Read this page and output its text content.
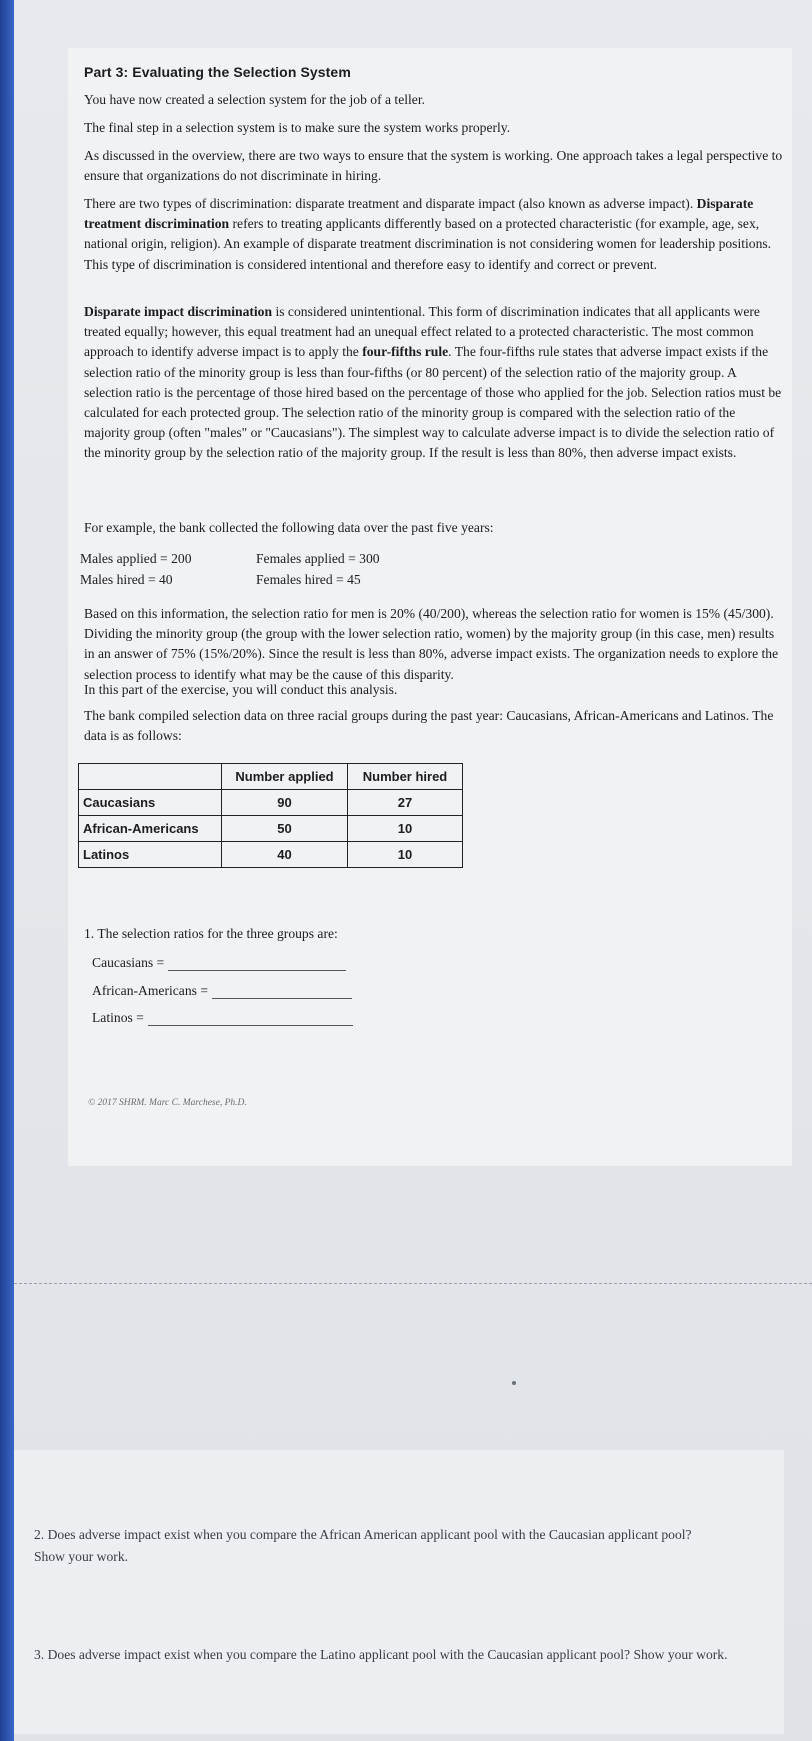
Part 3: Evaluating the Selection System

You have now created a selection system for the job of a teller.

The final step in a selection system is to make sure the system works properly.

As discussed in the overview, there are two ways to ensure that the system is working. One approach takes a legal perspective to ensure that organizations do not discriminate in hiring.

There are two types of discrimination: disparate treatment and disparate impact (also known as adverse impact). Disparate treatment discrimination refers to treating applicants differently based on a protected characteristic (for example, age, sex, national origin, religion). An example of disparate treatment discrimination is not considering women for leadership positions. This type of discrimination is considered intentional and therefore easy to identify and correct or prevent.

Disparate impact discrimination is considered unintentional. This form of discrimination indicates that all applicants were treated equally; however, this equal treatment had an unequal effect related to a protected characteristic. The most common approach to identify adverse impact is to apply the four-fifths rule. The four-fifths rule states that adverse impact exists if the selection ratio of the minority group is less than four-fifths (or 80 percent) of the selection ratio of the majority group. A selection ratio is the percentage of those hired based on the percentage of those who applied for the job. Selection ratios must be calculated for each protected group. The selection ratio of the minority group is compared with the selection ratio of the majority group (often "males" or "Caucasians"). The simplest way to calculate adverse impact is to divide the selection ratio of the minority group by the selection ratio of the majority group. If the result is less than 80%, then adverse impact exists.

For example, the bank collected the following data over the past five years:

Males applied = 200	Females applied = 300
Males hired = 40	Females hired = 45

Based on this information, the selection ratio for men is 20% (40/200), whereas the selection ratio for women is 15% (45/300). Dividing the minority group (the group with the lower selection ratio, women) by the majority group (in this case, men) results in an answer of 75% (15%/20%). Since the result is less than 80%, adverse impact exists. The organization needs to explore the selection process to identify what may be the cause of this disparity.

In this part of the exercise, you will conduct this analysis.

The bank compiled selection data on three racial groups during the past year: Caucasians, African-Americans and Latinos. The data is as follows:

	Number applied	Number hired
Caucasians	90	27
African-Americans	50	10
Latinos	40	10
1. The selection ratios for the three groups are:
Caucasians =
African-Americans =
Latinos =
© 2017 SHRM. Marc C. Marchese, Ph.D.
2. Does adverse impact exist when you compare the African American applicant pool with the Caucasian applicant pool? Show your work.
3. Does adverse impact exist when you compare the Latino applicant pool with the Caucasian applicant pool? Show your work.
